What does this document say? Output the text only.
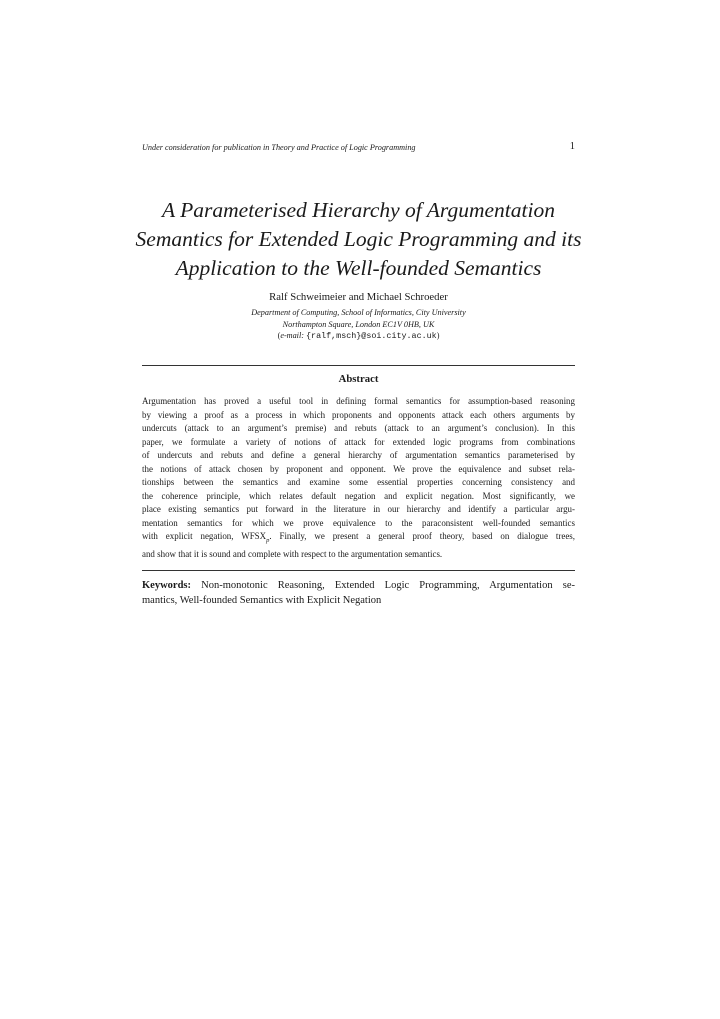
Under consideration for publication in Theory and Practice of Logic Programming	1
A Parameterised Hierarchy of Argumentation
Semantics for Extended Logic Programming and its
Application to the Well-founded Semantics
Ralf Schweimeier and Michael Schroeder
Department of Computing, School of Informatics, City University
Northampton Square, London EC1V 0HB, UK
(e-mail: {ralf,msch}@soi.city.ac.uk)
Abstract
Argumentation has proved a useful tool in defining formal semantics for assumption-based reasoning
by viewing a proof as a process in which proponents and opponents attack each others arguments by
undercuts (attack to an argument’s premise) and rebuts (attack to an argument’s conclusion). In this
paper, we formulate a variety of notions of attack for extended logic programs from combinations
of undercuts and rebuts and define a general hierarchy of argumentation semantics parameterised by
the notions of attack chosen by proponent and opponent. We prove the equivalence and subset rela-
tionships between the semantics and examine some essential properties concerning consistency and
the coherence principle, which relates default negation and explicit negation. Most significantly, we
place existing semantics put forward in the literature in our hierarchy and identify a particular argu-
mentation semantics for which we prove equivalence to the paraconsistent well-founded semantics
with explicit negation, $WFSX_p$. Finally, we present a general proof theory, based on dialogue trees,
and show that it is sound and complete with respect to the argumentation semantics.
Keywords: Non-monotonic Reasoning, Extended Logic Programming, Argumentation se-
mantics, Well-founded Semantics with Explicit Negation
